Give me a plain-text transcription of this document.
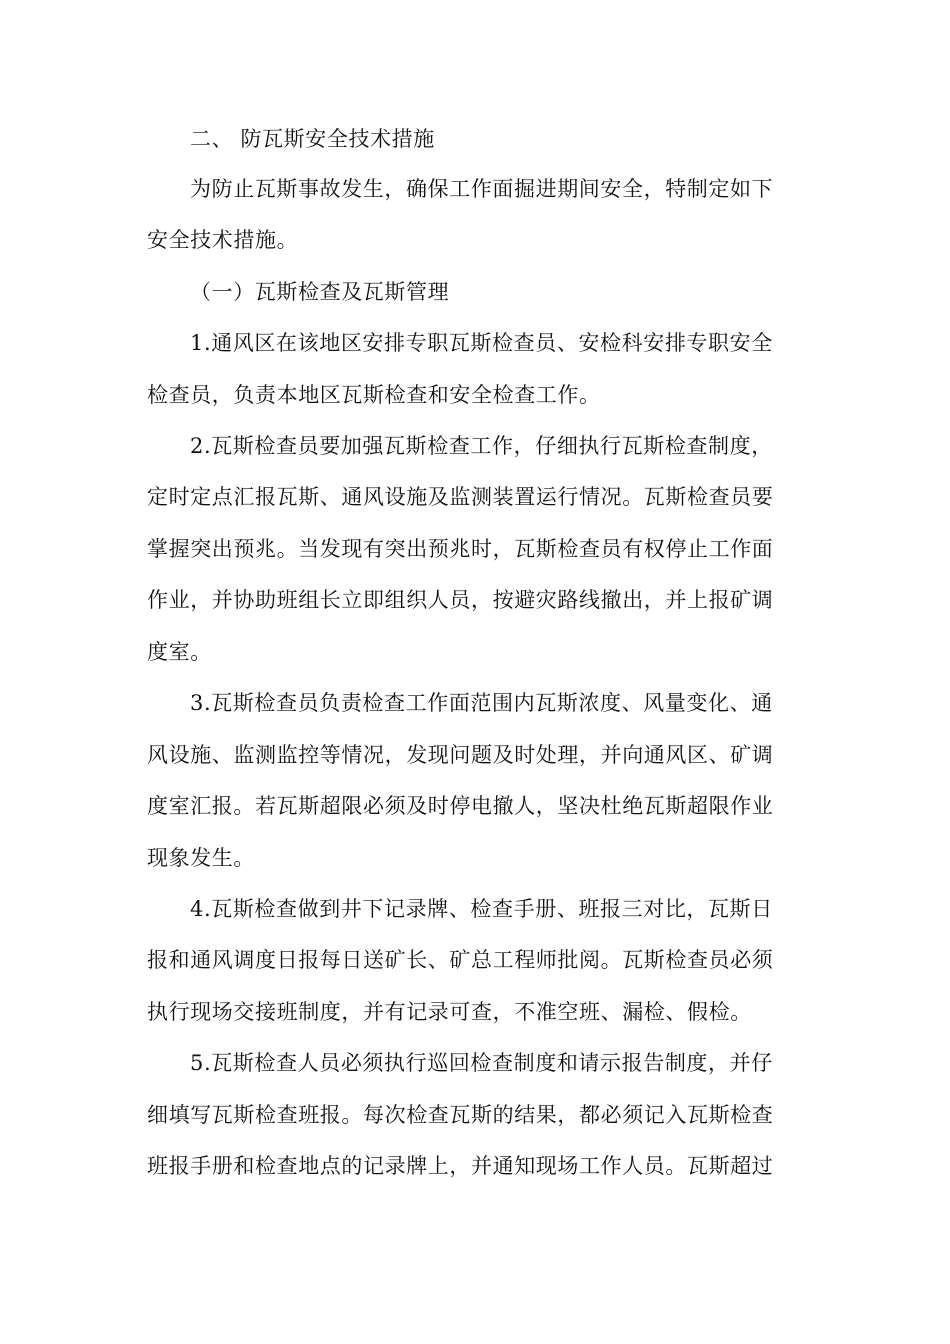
二、 防瓦斯安全技术措施
为防止瓦斯事故发生，确保工作面掘进期间安全，特制定如下
安全技术措施。
（一）瓦斯检查及瓦斯管理
1.通风区在该地区安排专职瓦斯检查员、安检科安排专职安全
检查员，负责本地区瓦斯检查和安全检查工作。
2.瓦斯检查员要加强瓦斯检查工作，仔细执行瓦斯检查制度，
定时定点汇报瓦斯、通风设施及监测装置运行情况。瓦斯检查员要
掌握突出预兆。当发现有突出预兆时，瓦斯检查员有权停止工作面
作业，并协助班组长立即组织人员，按避灾路线撤出，并上报矿调
度室。
3.瓦斯检查员负责检查工作面范围内瓦斯浓度、风量变化、通
风设施、监测监控等情况，发现问题及时处理，并向通风区、矿调
度室汇报。若瓦斯超限必须及时停电撤人，坚决杜绝瓦斯超限作业
现象发生。
4.瓦斯检查做到井下记录牌、检查手册、班报三对比，瓦斯日
报和通风调度日报每日送矿长、矿总工程师批阅。瓦斯检查员必须
执行现场交接班制度，并有记录可查，不准空班、漏检、假检。
5.瓦斯检查人员必须执行巡回检查制度和请示报告制度，并仔
细填写瓦斯检查班报。每次检查瓦斯的结果，都必须记入瓦斯检查
班报手册和检查地点的记录牌上，并通知现场工作人员。瓦斯超过
